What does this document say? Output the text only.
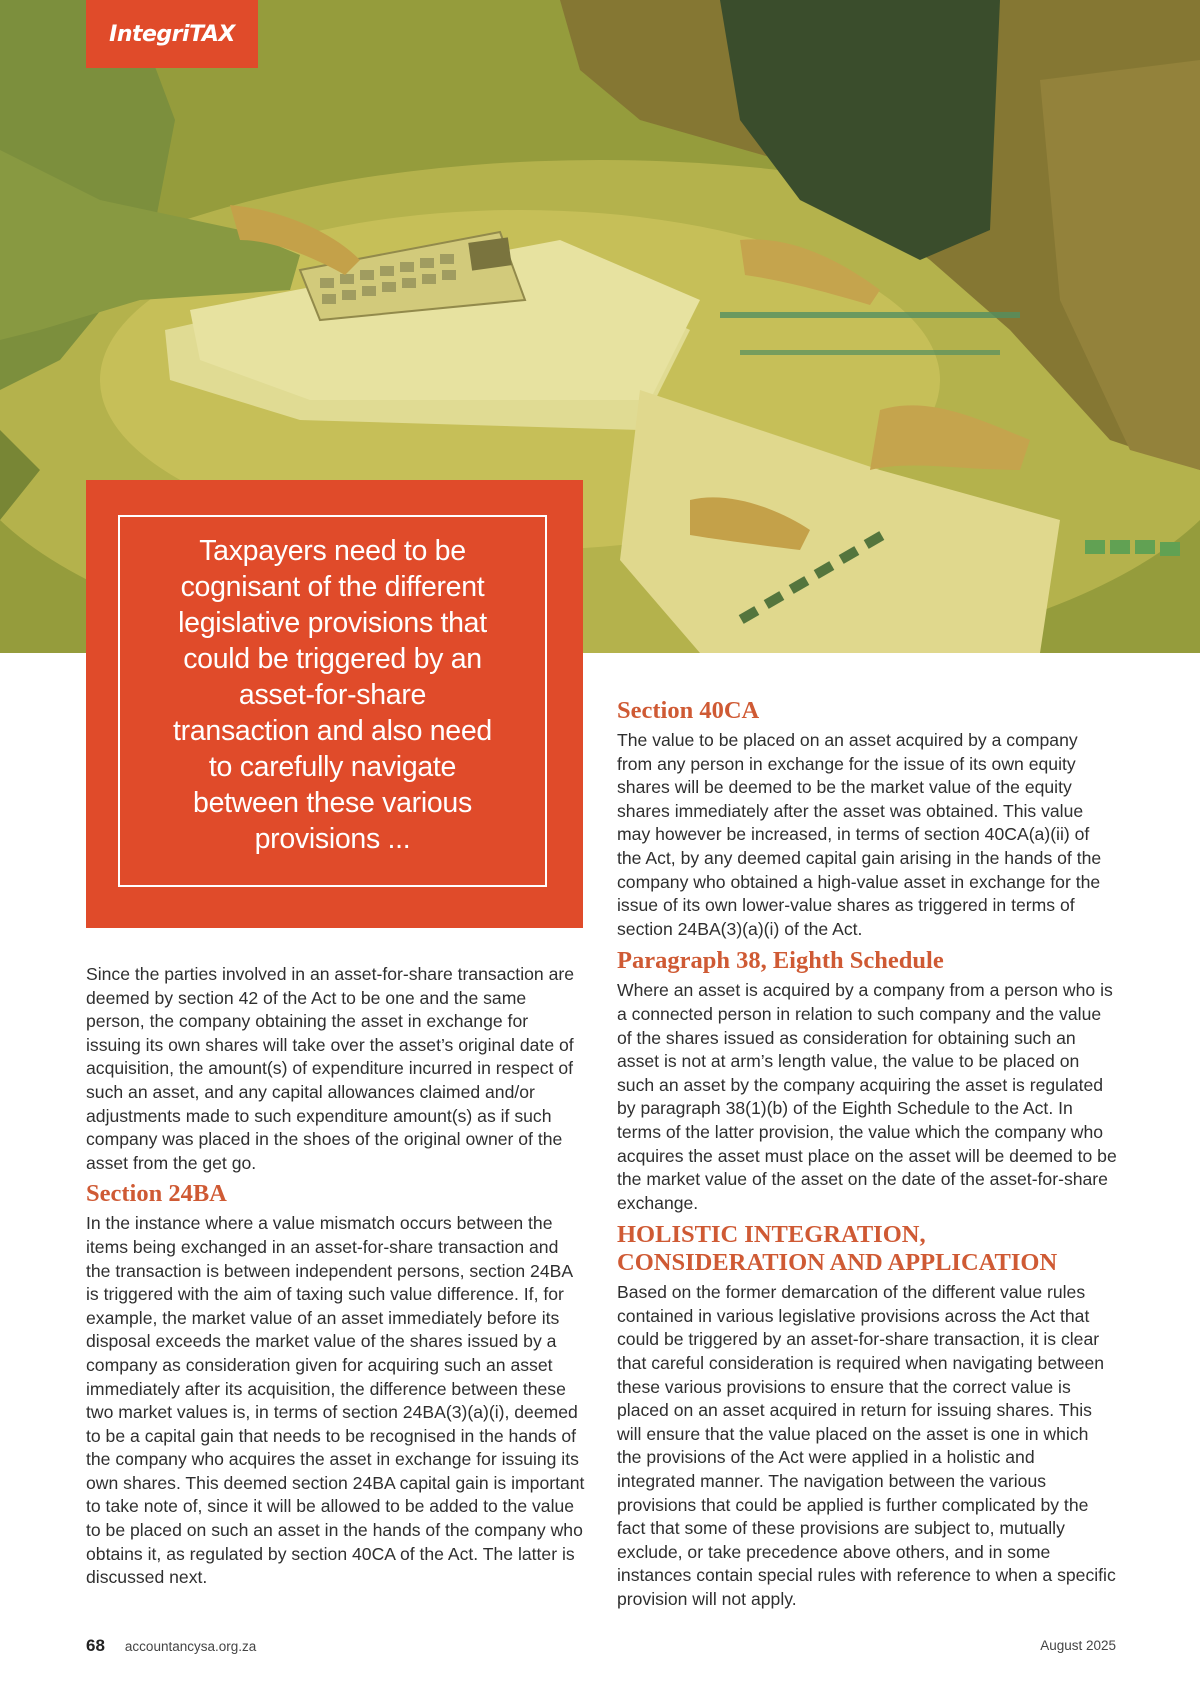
IntegriTAX
Taxpayers need to be cognisant of the different legislative provisions that could be triggered by an asset-for-share transaction and also need to carefully navigate between these various provisions ...

Since the parties involved in an asset-for-share transaction are deemed by section 42 of the Act to be one and the same person, the company obtaining the asset in exchange for issuing its own shares will take over the asset’s original date of acquisition, the amount(s) of expenditure incurred in respect of such an asset, and any capital allowances claimed and/or adjustments made to such expenditure amount(s) as if such company was placed in the shoes of the original owner of the asset from the get go.

Section 24BA

In the instance where a value mismatch occurs between the items being exchanged in an asset-for-share transaction and the transaction is between independent persons, section 24BA is triggered with the aim of taxing such value difference. If, for example, the market value of an asset immediately before its disposal exceeds the market value of the shares issued by a company as consideration given for acquiring such an asset immediately after its acquisition, the difference between these two market values is, in terms of section 24BA(3)(a)(i), deemed to be a capital gain that needs to be recognised in the hands of the company who acquires the asset in exchange for issuing its own shares. This deemed section 24BA capital gain is important to take note of, since it will be allowed to be added to the value to be placed on such an asset in the hands of the company who obtains it, as regulated by section 40CA of the Act. The latter is discussed next.

Section 40CA

The value to be placed on an asset acquired by a company from any person in exchange for the issue of its own equity shares will be deemed to be the market value of the equity shares immediately after the asset was obtained. This value may however be increased, in terms of section 40CA(a)(ii) of the Act, by any deemed capital gain arising in the hands of the company who obtained a high-value asset in exchange for the issue of its own lower-value shares as triggered in terms of section 24BA(3)(a)(i) of the Act.

Paragraph 38, Eighth Schedule

Where an asset is acquired by a company from a person who is a connected person in relation to such company and the value of the shares issued as consideration for obtaining such an asset is not at arm’s length value, the value to be placed on such an asset by the company acquiring the asset is regulated by paragraph 38(1)(b) of the Eighth Schedule to the Act. In terms of the latter provision, the value which the company who acquires the asset must place on the asset will be deemed to be the market value of the asset on the date of the asset-for-share exchange.

HOLISTIC INTEGRATION,
CONSIDERATION AND APPLICATION

Based on the former demarcation of the different value rules contained in various legislative provisions across the Act that could be triggered by an asset-for-share transaction, it is clear that careful consideration is required when navigating between these various provisions to ensure that the correct value is placed on an asset acquired in return for issuing shares. This will ensure that the value placed on the asset is one in which the provisions of the Act were applied in a holistic and integrated manner. The navigation between the various provisions that could be applied is further complicated by the fact that some of these provisions are subject to, mutually exclude, or take precedence above others, and in some instances contain special rules with reference to when a specific provision will not apply.

68 accountancysa.org.za	August 2025
